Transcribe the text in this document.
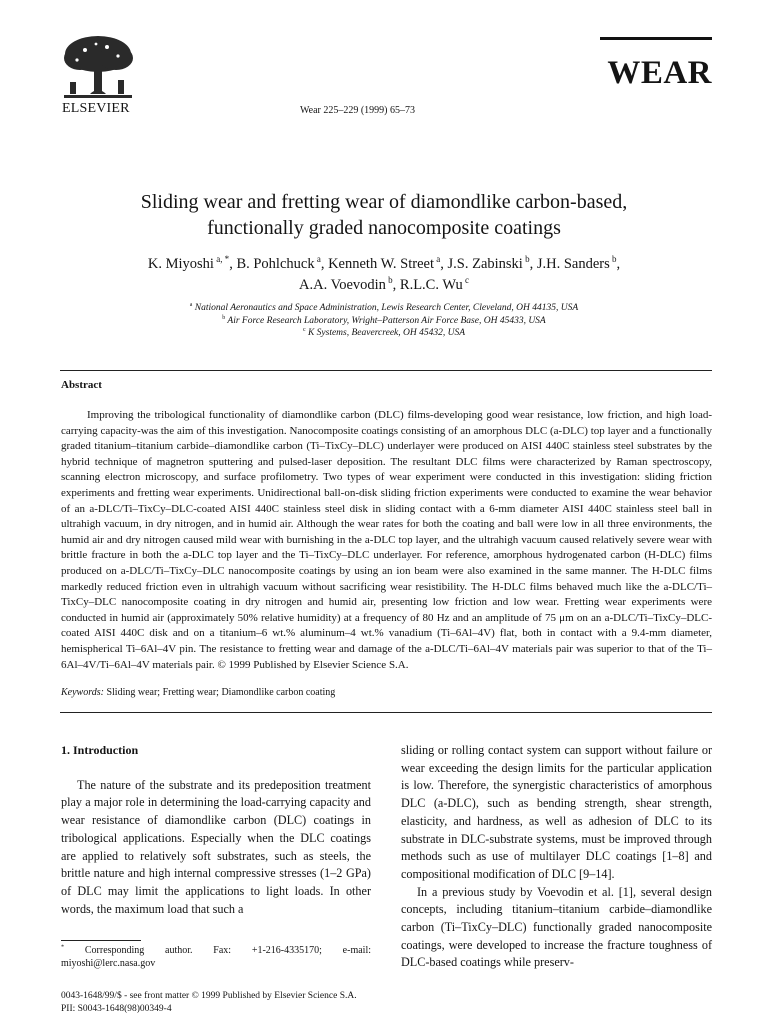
ELSEVIER	Wear 225–229 (1999) 65–73
WEAR
Sliding wear and fretting wear of diamondlike carbon-based,
functionally graded nanocomposite coatings
K. Miyoshi $^{a, *}$, B. Pohlchuck $^a$, Kenneth W. Street $^a$, J.S. Zabinski $^b$, J.H. Sanders $^b$,
A.A. Voevodin $^b$, R.L.C. Wu $^c$
$^a$ National Aeronautics and Space Administration, Lewis Research Center, Cleveland, OH 44135, USA
$^b$ Air Force Research Laboratory, Wright–Patterson Air Force Base, OH 45433, USA
$^c$ K Systems, Beavercreek, OH 45432, USA
Abstract

Improving the tribological functionality of diamondlike carbon (DLC) films-developing good wear resistance, low friction, and high load-carrying capacity-was the aim of this investigation. Nanocomposite coatings consisting of an amorphous DLC (a-DLC) top layer and a functionally graded titanium–titanium carbide–diamondlike carbon (Ti–TixCy–DLC) underlayer were produced on AISI 440C stainless steel substrates by the hybrid technique of magnetron sputtering and pulsed-laser deposition. The resultant DLC films were characterized by Raman spectroscopy, scanning electron microscopy, and surface profilometry. Two types of wear experiment were conducted in this investigation: sliding friction experiments and fretting wear experiments. Unidirectional ball-on-disk sliding friction experiments were conducted to examine the wear behavior of an a-DLC/Ti–TixCy–DLC-coated AISI 440C stainless steel disk in sliding contact with a 6-mm diameter AISI 440C stainless steel ball in ultrahigh vacuum, in dry nitrogen, and in humid air. Although the wear rates for both the coating and ball were low in all three environments, the humid air and dry nitrogen caused mild wear with burnishing in the a-DLC top layer, and the ultrahigh vacuum caused relatively severe wear with brittle fracture in both the a-DLC top layer and the Ti–TixCy–DLC underlayer. For reference, amorphous hydrogenated carbon (H-DLC) films produced on a-DLC/Ti–TixCy–DLC nanocomposite coatings by using an ion beam were also examined in the same manner. The H-DLC films markedly reduced friction even in ultrahigh vacuum without sacrificing wear resistibility. The H-DLC films behaved much like the a-DLC/Ti–TixCy–DLC nanocomposite coating in dry nitrogen and humid air, presenting low friction and low wear. Fretting wear experiments were conducted in humid air (approximately 50% relative humidity) at a frequency of 80 Hz and an amplitude of 75 μm on an a-DLC/Ti–TixCy–DLC-coated AISI 440C disk and on a titanium–6 wt.% aluminum–4 wt.% vanadium (Ti–6Al–4V) flat, both in contact with a 9.4-mm diameter, hemispherical Ti–6Al–4V pin. The resistance to fretting wear and damage of the a-DLC/Ti–6Al–4V materials pair was superior to that of the Ti–6Al–4V/Ti–6Al–4V materials pair. © 1999 Published by Elsevier Science S.A.

Keywords: Sliding wear; Fretting wear; Diamondlike carbon coating
1. Introduction

The nature of the substrate and its predeposition treatment play a major role in determining the load-carrying capacity and wear resistance of diamondlike carbon (DLC) coatings in tribological applications. Especially when the DLC coatings are applied to relatively soft substrates, such as steels, the brittle nature and high internal compressive stresses (1–2 GPa) of DLC may limit the applications to light loads. In other words, the maximum load that such a

sliding or rolling contact system can support without failure or wear exceeding the design limits for the particular application is low. Therefore, the synergistic characteristics of amorphous DLC (a-DLC), such as bending strength, shear strength, elasticity, and hardness, as well as adhesion of DLC to its substrate in DLC-substrate systems, must be improved through methods such as use of multilayer DLC coatings [1–8] and compositional modification of DLC [9–14].

In a previous study by Voevodin et al. [1], several design concepts, including titanium–titanium carbide–diamondlike carbon (Ti–TixCy–DLC) functionally graded nanocomposite coatings, were developed to increase the fracture toughness of DLC-based coatings while preserv-

* Corresponding author. Fax: +1-216-4335170; e-mail: miyoshi@lerc.nasa.gov
0043-1648/99/$ - see front matter © 1999 Published by Elsevier Science S.A.
PII: S0043-1648(98)00349-4
